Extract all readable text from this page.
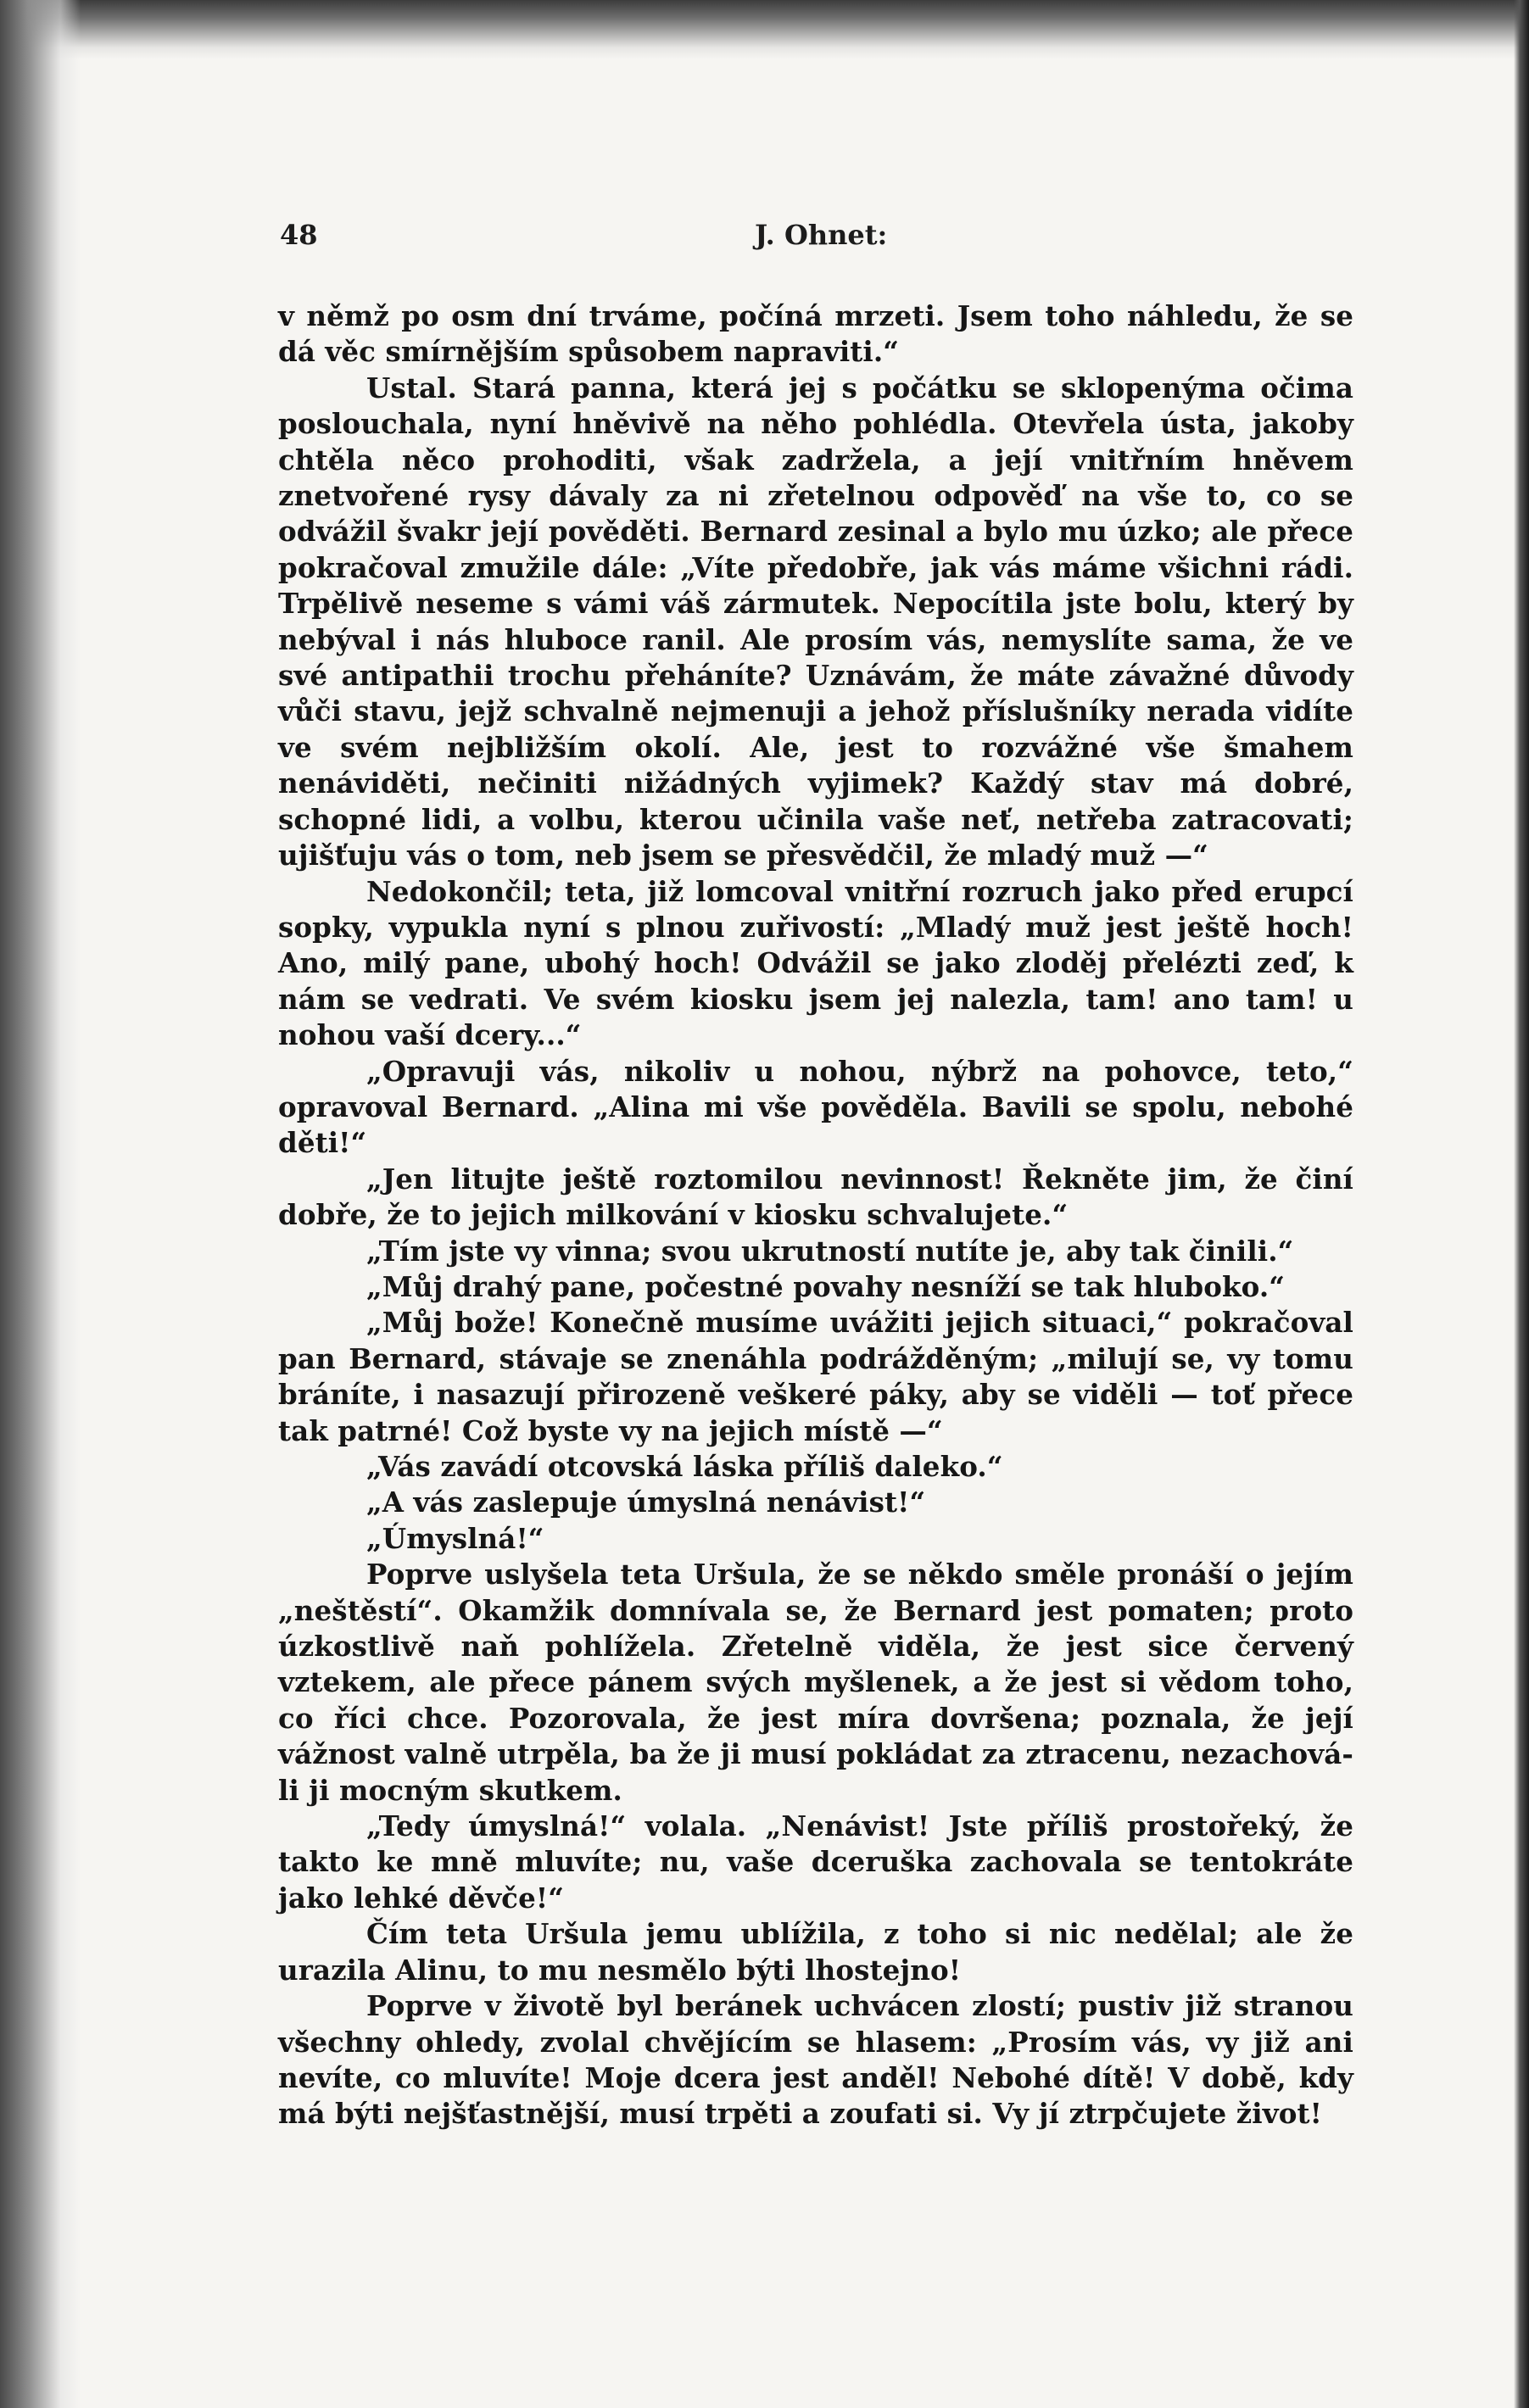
48	J. Ohnet:

v němž po osm dní trváme, počíná mrzeti. Jsem toho náhledu, že se dá věc smírnějším spůsobem napraviti.“

Ustal. Stará panna, která jej s počátku se sklopenýma očima poslouchala, nyní hněvivě na něho pohlédla. Otevřela ústa, jakoby chtěla něco prohoditi, však zadržela, a její vnitřním hněvem znetvořené rysy dávaly za ni zřetelnou odpověď na vše to, co se odvážil švakr její pověděti. Bernard zesinal a bylo mu úzko; ale přece pokračoval zmužile dále: „Víte předobře, jak vás máme všichni rádi. Trpělivě neseme s vámi váš zármutek. Nepocítila jste bolu, který by nebýval i nás hluboce ranil. Ale prosím vás, nemyslíte sama, že ve své antipathii trochu přeháníte? Uznávám, že máte závažné důvody vůči stavu, jejž schvalně nejmenuji a jehož příslušníky nerada vidíte ve svém nejbližším okolí. Ale, jest to rozvážné vše šmahem nenáviděti, nečiniti nižádných vyjimek? Každý stav má dobré, schopné lidi, a volbu, kterou učinila vaše neť, netřeba zatracovati; ujišťuju vás o tom, neb jsem se přesvědčil, že mladý muž —“

Nedokončil; teta, již lomcoval vnitřní rozruch jako před erupcí sopky, vypukla nyní s plnou zuřivostí: „Mladý muž jest ještě hoch! Ano, milý pane, ubohý hoch! Odvážil se jako zloděj přelézti zeď, k nám se vedrati. Ve svém kiosku jsem jej nalezla, tam! ano tam! u nohou vaší dcery...“

„Opravuji vás, nikoliv u nohou, nýbrž na pohovce, teto,“ opravoval Bernard. „Alina mi vše pověděla. Bavili se spolu, nebohé děti!“

„Jen litujte ještě roztomilou nevinnost! Řekněte jim, že činí dobře, že to jejich milkování v kiosku schvalujete.“

„Tím jste vy vinna; svou ukrutností nutíte je, aby tak činili.“

„Můj drahý pane, počestné povahy nesníží se tak hluboko.“

„Můj bože! Konečně musíme uvážiti jejich situaci,“ pokračoval pan Bernard, stávaje se znenáhla podrážděným; „milují se, vy tomu bráníte, i nasazují přirozeně veškeré páky, aby se viděli — toť přece tak patrné! Což byste vy na jejich místě —“

„Vás zavádí otcovská láska příliš daleko.“

„A vás zaslepuje úmyslná nenávist!“

„Úmyslná!“

Poprve uslyšela teta Uršula, že se někdo směle pronáší o jejím „neštěstí“. Okamžik domnívala se, že Bernard jest pomaten; proto úzkostlivě naň pohlížela. Zřetelně viděla, že jest sice červený vztekem, ale přece pánem svých myšlenek, a že jest si vědom toho, co říci chce. Pozorovala, že jest míra dovršena; poznala, že její vážnost valně utrpěla, ba že ji musí pokládat za ztracenu, nezachová-li ji mocným skutkem.

„Tedy úmyslná!“ volala. „Nenávist! Jste příliš prostořeký, že takto ke mně mluvíte; nu, vaše dceruška zachovala se tentokráte jako lehké děvče!“

Čím teta Uršula jemu ublížila, z toho si nic nedělal; ale že urazila Alinu, to mu nesmělo býti lhostejno!

Poprve v životě byl beránek uchvácen zlostí; pustiv již stranou všechny ohledy, zvolal chvějícím se hlasem: „Prosím vás, vy již ani nevíte, co mluvíte! Moje dcera jest anděl! Nebohé dítě! V době, kdy má býti nejšťastnější, musí trpěti a zoufati si. Vy jí ztrpčujete život!
